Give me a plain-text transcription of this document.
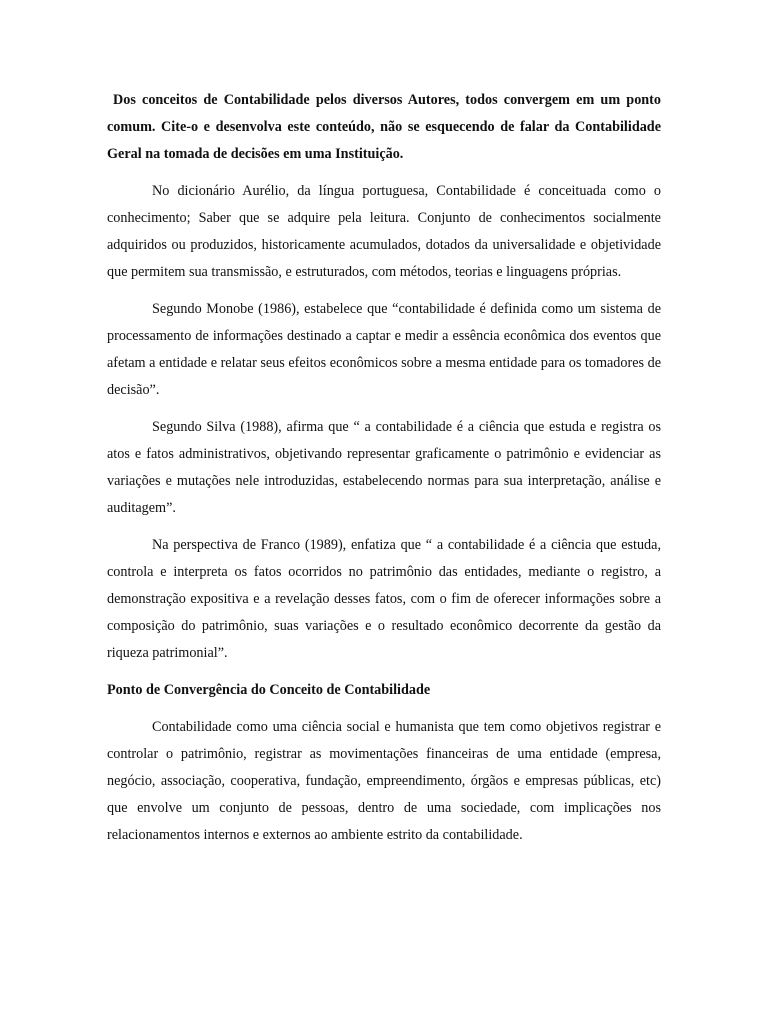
Dos conceitos de Contabilidade pelos diversos Autores, todos convergem em um ponto comum. Cite-o e desenvolva este conteúdo, não se esquecendo de falar da Contabilidade Geral na tomada de decisões em uma Instituição.

No dicionário Aurélio, da língua portuguesa, Contabilidade é conceituada como o conhecimento; Saber que se adquire pela leitura. Conjunto de conhecimentos socialmente adquiridos ou produzidos, historicamente acumulados, dotados da universalidade e objetividade que permitem sua transmissão, e estruturados, com métodos, teorias e linguagens próprias.

Segundo Monobe (1986), estabelece que “contabilidade é definida como um sistema de processamento de informações destinado a captar e medir a essência econômica dos eventos que afetam a entidade e relatar seus efeitos econômicos sobre a mesma entidade para os tomadores de decisão”.

Segundo Silva (1988), afirma que “ a contabilidade é a ciência que estuda e registra os atos e fatos administrativos, objetivando representar graficamente o patrimônio e evidenciar as variações e mutações nele introduzidas, estabelecendo normas para sua interpretação, análise e auditagem”.

Na perspectiva de Franco (1989), enfatiza que “ a contabilidade é a ciência que estuda, controla e interpreta os fatos ocorridos no patrimônio das entidades, mediante o registro, a demonstração expositiva e a revelação desses fatos, com o fim de oferecer informações sobre a composição do patrimônio, suas variações e o resultado econômico decorrente da gestão da riqueza patrimonial”.

Ponto de Convergência do Conceito de Contabilidade

Contabilidade como uma ciência social e humanista que tem como objetivos registrar e controlar o patrimônio, registrar as movimentações financeiras de uma entidade (empresa, negócio, associação, cooperativa, fundação, empreendimento, órgãos e empresas públicas, etc) que envolve um conjunto de pessoas, dentro de uma sociedade, com implicações nos relacionamentos internos e externos ao ambiente estrito da contabilidade.
